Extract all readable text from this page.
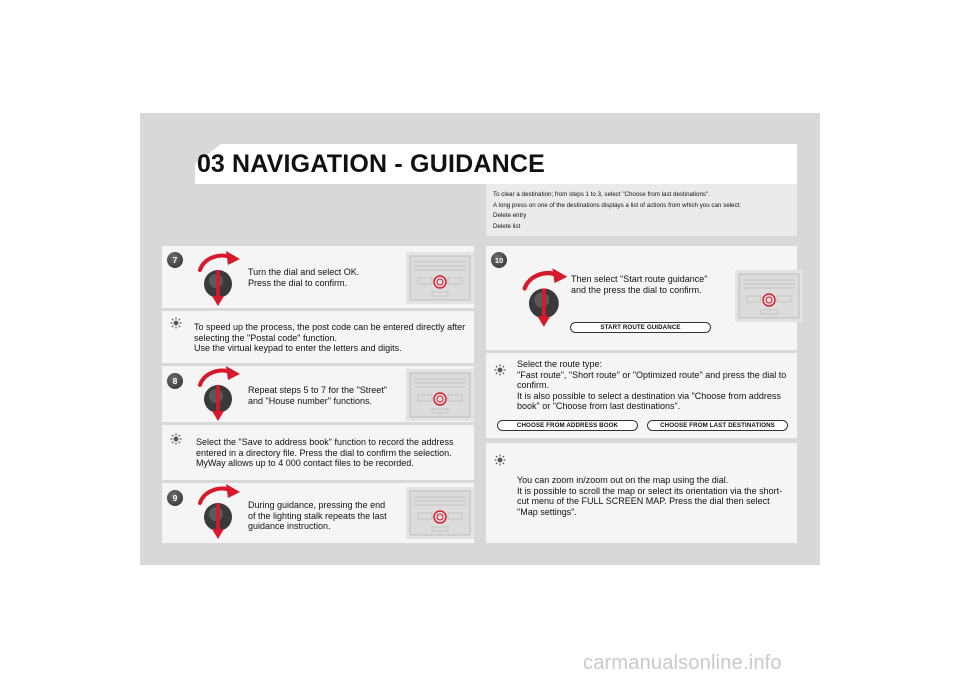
03 NAVIGATION - GUIDANCE
To clear a destination; from steps 1 to 3, select "Choose from last destinations".
A long press on one of the destinations displays a list of actions from which you can select:
Delete entry
Delete list
7
Turn the dial and select OK.
Press the dial to confirm.
To speed up the process, the post code can be entered directly after
selecting the "Postal code" function.
Use the virtual keypad to enter the letters and digits.
8
Repeat steps 5 to 7 for the "Street"
and "House number" functions.
Select the "Save to address book" function to record the address
entered in a directory file. Press the dial to confirm the selection.
MyWay allows up to 4 000 contact files to be recorded.
9
During guidance, pressing the end
of the lighting stalk repeats the last
guidance instruction.
10
Then select "Start route guidance"
and the press the dial to confirm.
START ROUTE GUIDANCE
Select the route type:
"Fast route", "Short route" or "Optimized route" and press the dial to
confirm.
It is also possible to select a destination via "Choose from address
book" or "Choose from last destinations".
CHOOSE FROM ADDRESS BOOK	CHOOSE FROM LAST DESTINATIONS
You can zoom in/zoom out on the map using the dial.
It is possible to scroll the map or select its orientation via the short-
cut menu of the FULL SCREEN MAP. Press the dial then select
"Map settings".
carmanualsonline.info
